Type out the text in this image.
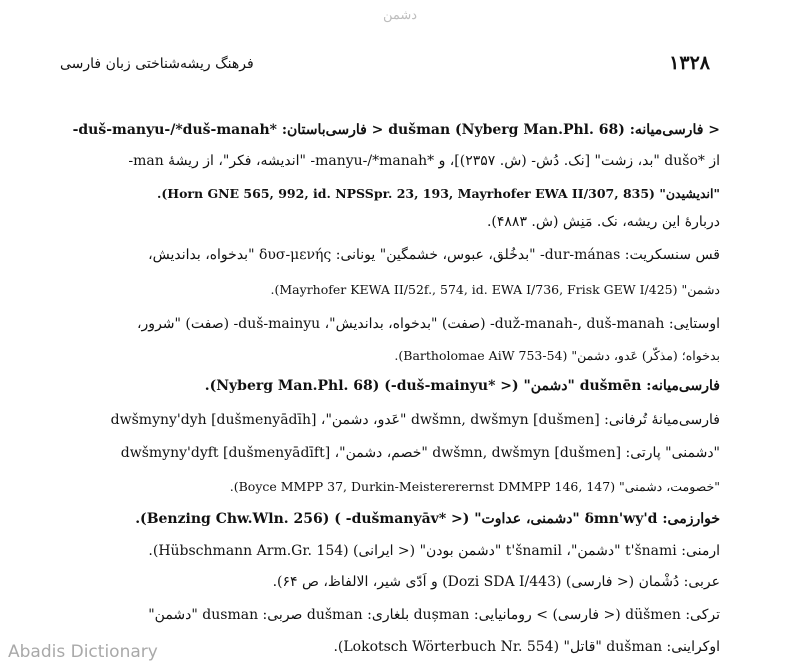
دشمن
۱۳۲۸
فرهنگ ریشه‌شناختی زبان فارسی
< فارسی‌میانه: dušman (Nyberg Man.Phl. 68) < فارسی‌باستان: *duš-manyu-/*duš-manah-
از *dušo "بد، زشت" [نک. دُش- (ش. ۲۳۵۷)]، و *manyu-/*manah- "اندیشه، فکر"، از ریشهٔ man-
"اندیشیدن" (Horn GNE 565, 992, id. NPSSpr. 23, 193, Mayrhofer EWA II/307, 835).
دربارهٔ این ریشه، نک. مَنِش (ش. ۴۸۸۳).
قس سنسکریت: dur-mánas- "بدخُلق، عبوس، خشمگین" یونانی: δυσ-μενής "بدخواه، بداندیش،
دشمن" (Mayrhofer KEWA II/52f., 574, id. EWA I/736, Frisk GEW I/425).
اوستایی: duž-manah-, duš-manah- (صفت) "بدخواه، بداندیش"، duš-mainyu- (صفت) "شرور،
بدخواه؛ (مذکّر) عَدو، دشمن" (Bartholomae AiW 753-54).
فارسی‌میانه: dušmēn "دشمن" (< *duš-mainyu-) (Nyberg Man.Phl. 68).
فارسی‌میانهٔ تُرفانی: dwšmn, dwšmyn [dušmen] "عَدو، دشمن"، dwšmyny'dyh [dušmenyādīh]
"دشمنی" پارتی: dwšmn, dwšmyn [dušmen] "خصم، دشمن"، dwšmyny'dyft [dušmenyādīft]
"خصومت، دشمنی" (Boyce MMPP 37, Durkin-Meistererernst DMMPP 146, 147).
خوارزمی: δmn'wy'd "دشمنی، عداوت" (< *dušmanyāv- ) (Benzing Chw.Wln. 256).
ارمنی: t'šnami "دشمن"، t'šnamil "دشمن بودن" (< ایرانی) (Hübschmann Arm.Gr. 154).
عربی: دُشْمان (< فارسی) (Dozi SDA I/443) و اَدّی شیر، الالفاظ، ص ۶۴).
ترکی: düšmen (< فارسی) > رومانیایی: dușman بلغاری: dušman صربی: dusman "دشمن"
اوکراینی: dušman "قاتل" (Lokotsch Wörterbuch Nr. 554).
Abadis Dictionary
